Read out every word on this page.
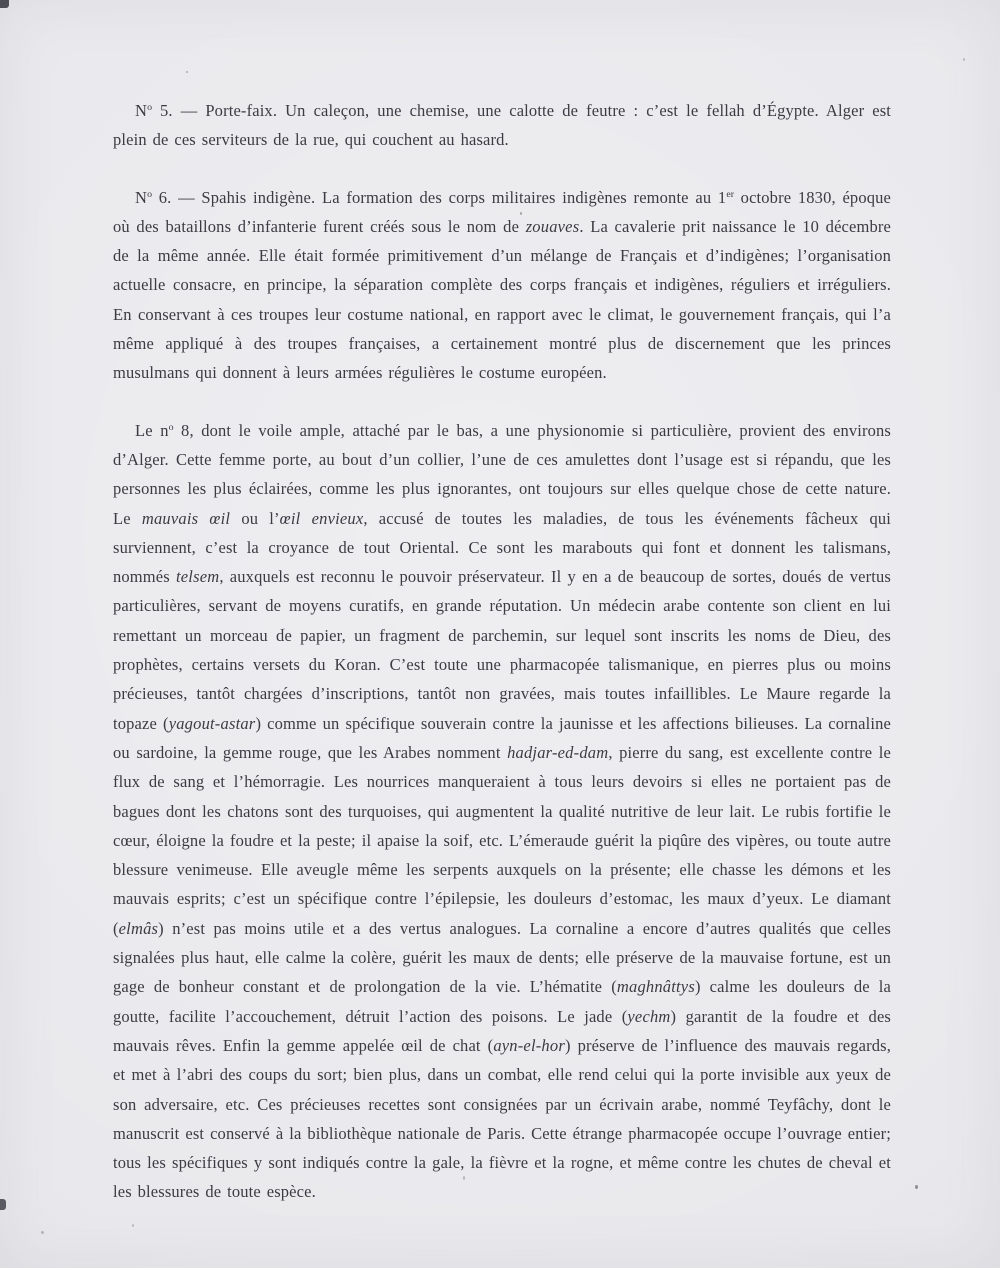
$N^o$ 5. — Porte-faix. Un caleçon, une chemise, une calotte de feutre : c’est le fellah d’Égypte. Alger est plein de ces serviteurs de la rue, qui couchent au hasard.

$N^o$ 6. — Spahis indigène. La formation des corps militaires indigènes remonte au 1er octobre 1830, époque où des bataillons d’infanterie furent créés sous le nom de zouaves. La cavalerie prit naissance le 10 décembre de la même année. Elle était formée primitivement d’un mélange de Français et d’indigènes; l’organisation actuelle consacre, en principe, la séparation complète des corps français et indigènes, réguliers et irréguliers. En conservant à ces troupes leur costume national, en rapport avec le climat, le gouvernement français, qui l’a même appliqué à des troupes françaises, a certainement montré plus de discernement que les princes musulmans qui donnent à leurs armées régulières le costume européen.

Le $n^o$ 8, dont le voile ample, attaché par le bas, a une physionomie si particulière, provient des environs d’Alger. Cette femme porte, au bout d’un collier, l’une de ces amulettes dont l’usage est si répandu, que les personnes les plus éclairées, comme les plus ignorantes, ont toujours sur elles quelque chose de cette nature. Le mauvais œil ou l’œil envieux, accusé de toutes les maladies, de tous les événements fâcheux qui surviennent, c’est la croyance de tout Oriental. Ce sont les marabouts qui font et donnent les talismans, nommés telsem, auxquels est reconnu le pouvoir préservateur. Il y en a de beaucoup de sortes, doués de vertus particulières, servant de moyens curatifs, en grande réputation. Un médecin arabe contente son client en lui remettant un morceau de papier, un fragment de parchemin, sur lequel sont inscrits les noms de Dieu, des prophètes, certains versets du Koran. C’est toute une pharmacopée talismanique, en pierres plus ou moins précieuses, tantôt chargées d’inscriptions, tantôt non gravées, mais toutes infaillibles. Le Maure regarde la topaze (yagout-astar) comme un spécifique souverain contre la jaunisse et les affections bilieuses. La cornaline ou sardoine, la gemme rouge, que les Arabes nomment hadjar-ed-dam, pierre du sang, est excellente contre le flux de sang et l’hémorragie. Les nourrices manqueraient à tous leurs devoirs si elles ne portaient pas de bagues dont les chatons sont des turquoises, qui augmentent la qualité nutritive de leur lait. Le rubis fortifie le cœur, éloigne la foudre et la peste; il apaise la soif, etc. L’émeraude guérit la piqûre des vipères, ou toute autre blessure venimeuse. Elle aveugle même les serpents auxquels on la présente; elle chasse les démons et les mauvais esprits; c’est un spécifique contre l’épilepsie, les douleurs d’estomac, les maux d’yeux. Le diamant (elmâs) n’est pas moins utile et a des vertus analogues. La cornaline a encore d’autres qualités que celles signalées plus haut, elle calme la colère, guérit les maux de dents; elle préserve de la mauvaise fortune, est un gage de bonheur constant et de prolongation de la vie. L’hématite (maghnâttys) calme les douleurs de la goutte, facilite l’accouchement, détruit l’action des poisons. Le jade (yechm) garantit de la foudre et des mauvais rêves. Enfin la gemme appelée œil de chat (ayn-el-hor) préserve de l’influence des mauvais regards, et met à l’abri des coups du sort; bien plus, dans un combat, elle rend celui qui la porte invisible aux yeux de son adversaire, etc. Ces précieuses recettes sont consignées par un écrivain arabe, nommé Teyfâchy, dont le manuscrit est conservé à la bibliothèque nationale de Paris. Cette étrange pharmacopée occupe l’ouvrage entier; tous les spécifiques y sont indiqués contre la gale, la fièvre et la rogne, et même contre les chutes de cheval et les blessures de toute espèce.
